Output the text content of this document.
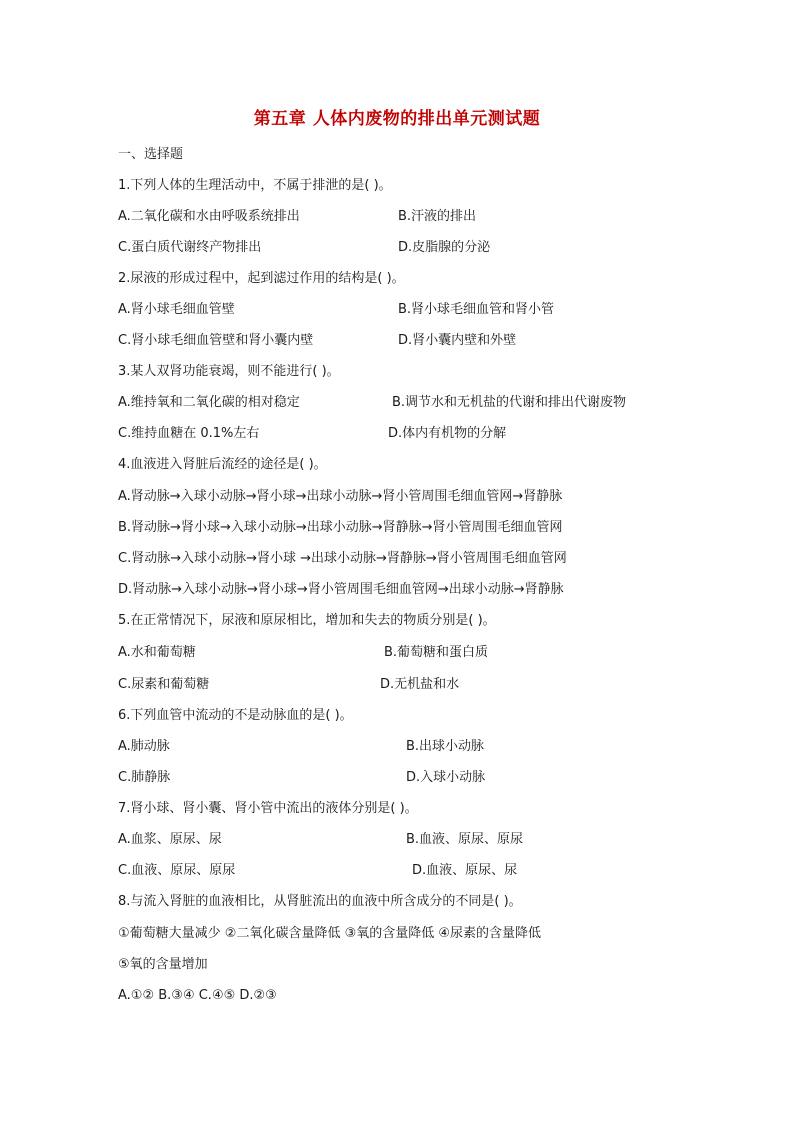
第五章 人体内废物的排出单元测试题
一、选择题
1.下列人体的生理活动中，不属于排泄的是( )。
A.二氧化碳和水由呼吸系统排出	B.汗液的排出
C.蛋白质代谢终产物排出	D.皮脂腺的分泌
2.尿液的形成过程中，起到滤过作用的结构是( )。
A.肾小球毛细血管壁	B.肾小球毛细血管和肾小管
C.肾小球毛细血管壁和肾小囊内壁	D.肾小囊内壁和外壁
3.某人双肾功能衰竭，则不能进行( )。
A.维持氧和二氧化碳的相对稳定	B.调节水和无机盐的代谢和排出代谢废物
C.维持血糖在 0.1%左右	D.体内有机物的分解
4.血液进入肾脏后流经的途径是( )。
A.肾动脉→入球小动脉→肾小球→出球小动脉→肾小管周围毛细血管网→肾静脉
B.肾动脉→肾小球→入球小动脉→出球小动脉→肾静脉→肾小管周围毛细血管网
C.肾动脉→入球小动脉→肾小球 →出球小动脉→肾静脉→肾小管周围毛细血管网
D.肾动脉→入球小动脉→肾小球→肾小管周围毛细血管网→出球小动脉→肾静脉
5.在正常情况下，尿液和原尿相比，增加和失去的物质分别是( )。
A.水和葡萄糖	B.葡萄糖和蛋白质
C.尿素和葡萄糖	D.无机盐和水
6.下列血管中流动的不是动脉血的是( )。
A.肺动脉	B.出球小动脉
C.肺静脉	D.入球小动脉
7.肾小球、肾小囊、肾小管中流出的液体分别是( )。
A.血浆、原尿、尿	B.血液、原尿、原尿
C.血液、原尿、原尿	D.血液、原尿、尿
8.与流入肾脏的血液相比，从肾脏流出的血液中所含成分的不同是( )。
①葡萄糖大量减少 ②二氧化碳含量降低 ③氧的含量降低 ④尿素的含量降低
⑤氧的含量增加
A.①② B.③④ C.④⑤ D.②③
